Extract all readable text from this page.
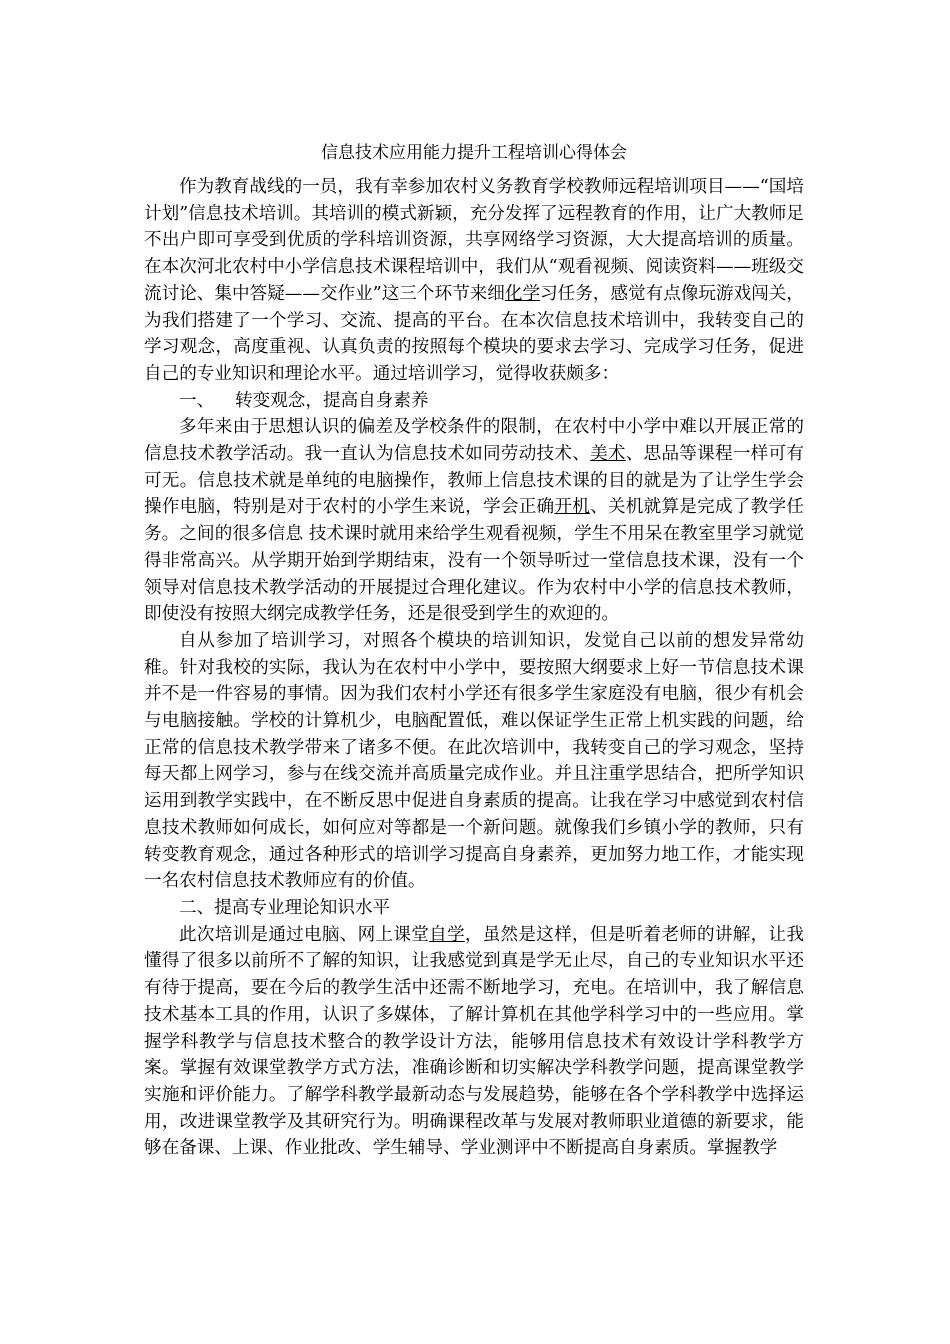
信息技术应用能力提升工程培训心得体会

作为教育战线的一员，我有幸参加农村义务教育学校教师远程培训项目——“国培计划”信息技术培训。其培训的模式新颖，充分发挥了远程教育的作用，让广大教师足不出户即可享受到优质的学科培训资源，共享网络学习资源，大大提高培训的质量。在本次河北农村中小学信息技术课程培训中，我们从“观看视频、阅读资料——班级交流讨论、集中答疑——交作业”这三个环节来细化学习任务，感觉有点像玩游戏闯关，为我们搭建了一个学习、交流、提高的平台。在本次信息技术培训中，我转变自己的学习观念，高度重视、认真负责的按照每个模块的要求去学习、完成学习任务，促进自己的专业知识和理论水平。通过培训学习，觉得收获颇多：

一、 转变观念，提高自身素养

多年来由于思想认识的偏差及学校条件的限制，在农村中小学中难以开展正常的信息技术教学活动。我一直认为信息技术如同劳动技术、美术、思品等课程一样可有可无。信息技术就是单纯的电脑操作，教师上信息技术课的目的就是为了让学生学会操作电脑，特别是对于农村的小学生来说，学会正确开机、关机就算是完成了教学任务。之间的很多信息 技术课时就用来给学生观看视频，学生不用呆在教室里学习就觉得非常高兴。从学期开始到学期结束，没有一个领导听过一堂信息技术课，没有一个领导对信息技术教学活动的开展提过合理化建议。作为农村中小学的信息技术教师，即使没有按照大纲完成教学任务，还是很受到学生的欢迎的。

自从参加了培训学习，对照各个模块的培训知识，发觉自己以前的想发异常幼稚。针对我校的实际，我认为在农村中小学中，要按照大纲要求上好一节信息技术课并不是一件容易的事情。因为我们农村小学还有很多学生家庭没有电脑，很少有机会与电脑接触。学校的计算机少，电脑配置低，难以保证学生正常上机实践的问题，给正常的信息技术教学带来了诸多不便。在此次培训中，我转变自己的学习观念，坚持每天都上网学习，参与在线交流并高质量完成作业。并且注重学思结合，把所学知识运用到教学实践中，在不断反思中促进自身素质的提高。让我在学习中感觉到农村信息技术教师如何成长，如何应对等都是一个新问题。就像我们乡镇小学的教师，只有转变教育观念，通过各种形式的培训学习提高自身素养，更加努力地工作，才能实现一名农村信息技术教师应有的价值。

二、提高专业理论知识水平

此次培训是通过电脑、网上课堂自学，虽然是这样，但是听着老师的讲解，让我懂得了很多以前所不了解的知识，让我感觉到真是学无止尽，自己的专业知识水平还有待于提高，要在今后的教学生活中还需不断地学习，充电。在培训中，我了解信息技术基本工具的作用，认识了多媒体，了解计算机在其他学科学习中的一些应用。掌握学科教学与信息技术整合的教学设计方法，能够用信息技术有效设计学科教学方案。掌握有效课堂教学方式方法，准确诊断和切实解决学科教学问题，提高课堂教学实施和评价能力。了解学科教学最新动态与发展趋势，能够在各个学科教学中选择运用，改进课堂教学及其研究行为。明确课程改革与发展对教师职业道德的新要求，能够在备课、上课、作业批改、学生辅导、学业测评中不断提高自身素质。掌握教学
